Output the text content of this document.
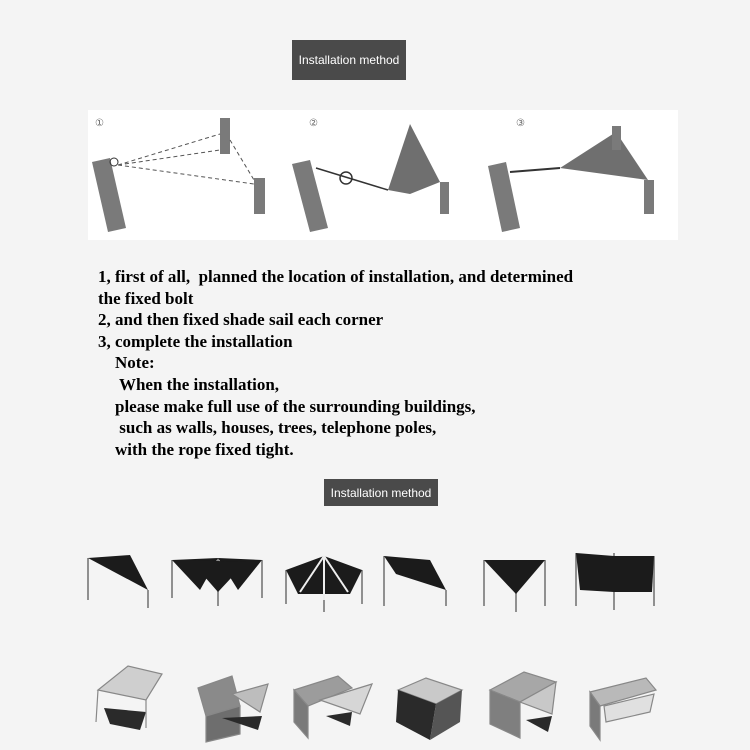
Installation method
①	②	③
1, first of all,  planned the location of installation, and determined
the fixed bolt
2, and then fixed shade sail each corner
3, complete the installation
Note:
When the installation,
please make full use of the surrounding buildings,
such as walls, houses, trees, telephone poles,
with the rope fixed tight.
Installation method
